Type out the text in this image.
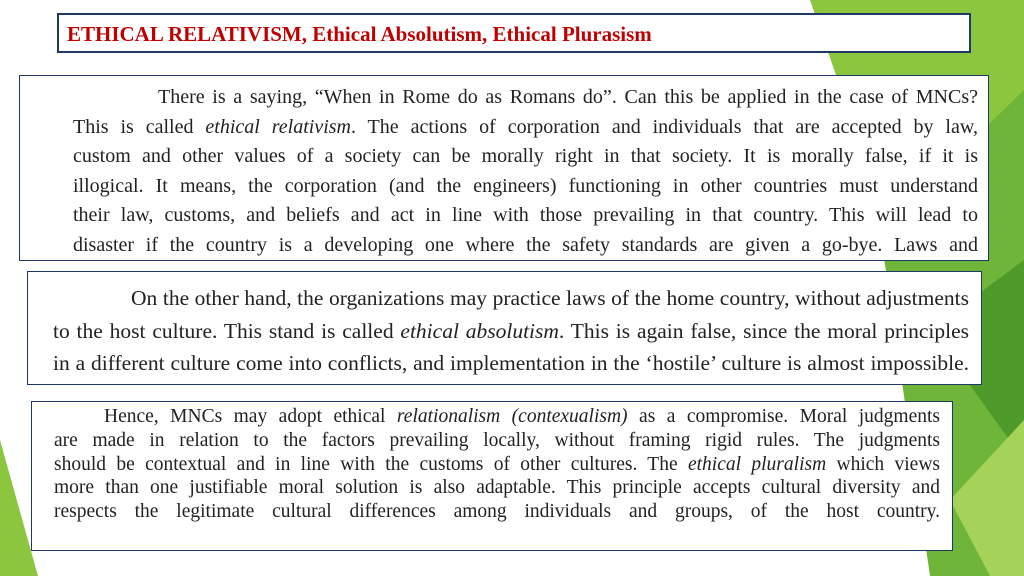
ETHICAL RELATIVISM, Ethical Absolutism, Ethical Plurasism

There is a saying, “When in Rome do as Romans do”. Can this be applied in the case of MNCs?
This is called ethical relativism. The actions of corporation and individuals that are accepted by law,
custom and other values of a society can be morally right in that society. It is morally false, if it is
illogical. It means, the corporation (and the engineers) functioning in other countries must understand
their law, customs, and beliefs and act in line with those prevailing in that country. This will lead to
disaster if the country is a developing one where the safety standards are given a go-bye. Laws and

On the other hand, the organizations may practice laws of the home country, without adjustments
to the host culture. This stand is called ethical absolutism. This is again false, since the moral principles
in a different culture come into conflicts, and implementation in the ‘hostile’ culture is almost impossible.

Hence, MNCs may adopt ethical relationalism (contexualism) as a compromise. Moral judgments
are made in relation to the factors prevailing locally, without framing rigid rules. The judgments
should be contextual and in line with the customs of other cultures. The ethical pluralism which views
more than one justifiable moral solution is also adaptable. This principle accepts cultural diversity and
respects the legitimate cultural differences among individuals and groups, of the host country.
